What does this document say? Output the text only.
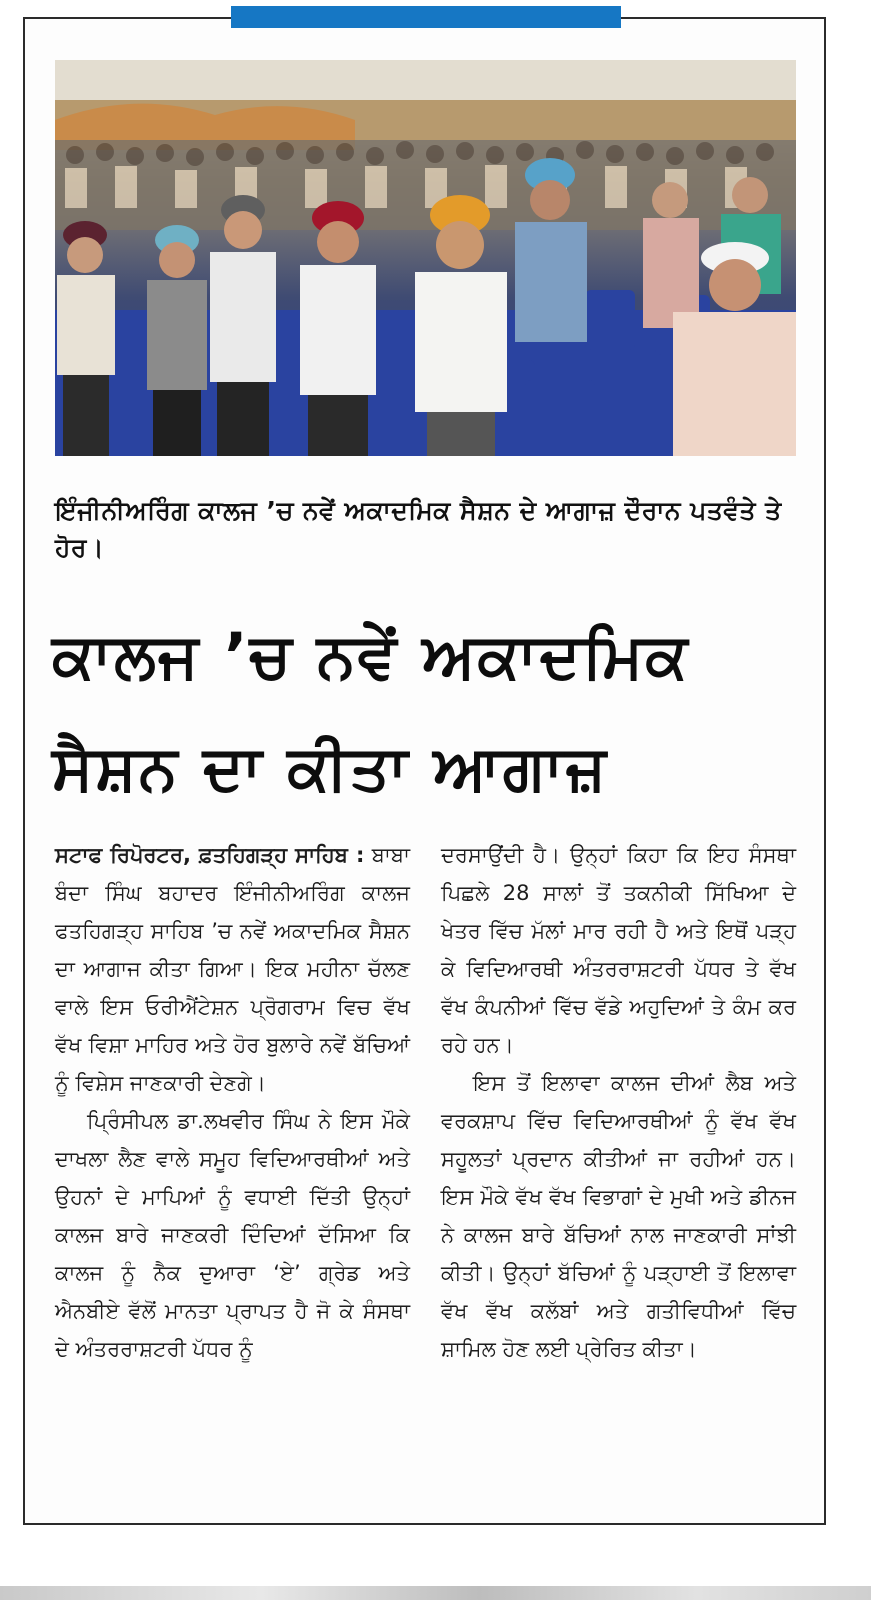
ਇੰਜੀਨੀਅਰਿੰਗ ਕਾਲਜ ’ਚ ਨਵੇਂ ਅਕਾਦਮਿਕ ਸੈਸ਼ਨ ਦੇ ਆਗਾਜ਼ ਦੌਰਾਨ ਪਤਵੰਤੇ ਤੇ ਹੋਰ।
ਕਾਲਜ ’ਚ ਨਵੇਂ ਅਕਾਦਮਿਕ
ਸੈਸ਼ਨ ਦਾ ਕੀਤਾ ਆਗਾਜ਼

ਸਟਾਫ ਰਿਪੋਰਟਰ, ਫ਼ਤਹਿਗੜ੍ਹ ਸਾਹਿਬ : ਬਾਬਾ ਬੰਦਾ ਸਿੰਘ ਬਹਾਦਰ ਇੰਜੀਨੀਅਰਿੰਗ ਕਾਲਜ ਫਤਹਿਗੜ੍ਹ ਸਾਹਿਬ ’ਚ ਨਵੇਂ ਅਕਾਦਮਿਕ ਸੈਸ਼ਨ ਦਾ ਆਗਾਜ ਕੀਤਾ ਗਿਆ। ਇਕ ਮਹੀਨਾ ਚੱਲਣ ਵਾਲੇ ਇਸ ਓਰੀਐਂਟੇਸ਼ਨ ਪ੍ਰੋਗਰਾਮ ਵਿਚ ਵੱਖ ਵੱਖ ਵਿਸ਼ਾ ਮਾਹਿਰ ਅਤੇ ਹੋਰ ਬੁਲਾਰੇ ਨਵੇਂ ਬੱਚਿਆਂ ਨੂੰ ਵਿਸ਼ੇਸ ਜਾਣਕਾਰੀ ਦੇਣਗੇ।

ਪ੍ਰਿੰਸੀਪਲ ਡਾ.ਲਖਵੀਰ ਸਿੰਘ ਨੇ ਇਸ ਮੌਕੇ ਦਾਖਲਾ ਲੈਣ ਵਾਲੇ ਸਮੂਹ ਵਿਦਿਆਰਥੀਆਂ ਅਤੇ ਉਹਨਾਂ ਦੇ ਮਾਪਿਆਂ ਨੂੰ ਵਧਾਈ ਦਿੱਤੀ ਉਨ੍ਹਾਂ ਕਾਲਜ ਬਾਰੇ ਜਾਣਕਰੀ ਦਿੰਦਿਆਂ ਦੱਸਿਆ ਕਿ ਕਾਲਜ ਨੂੰ ਨੈਕ ਦੁਆਰਾ ‘ਏ’ ਗ੍ਰੇਡ ਅਤੇ ਐਨਬੀਏ ਵੱਲੋਂ ਮਾਨਤਾ ਪ੍ਰਾਪਤ ਹੈ ਜੋ ਕੇ ਸੰਸਥਾ ਦੇ ਅੰਤਰਰਾਸ਼ਟਰੀ ਪੱਧਰ ਨੂੰ

ਦਰਸਾਉਂਦੀ ਹੈ। ਉਨ੍ਹਾਂ ਕਿਹਾ ਕਿ ਇਹ ਸੰਸਥਾ ਪਿਛਲੇ 28 ਸਾਲਾਂ ਤੋਂ ਤਕਨੀਕੀ ਸਿੱਖਿਆ ਦੇ ਖੇਤਰ ਵਿੱਚ ਮੱਲਾਂ ਮਾਰ ਰਹੀ ਹੈ ਅਤੇ ਇਥੋਂ ਪੜ੍ਹ ਕੇ ਵਿਦਿਆਰਥੀ ਅੰਤਰਰਾਸ਼ਟਰੀ ਪੱਧਰ ਤੇ ਵੱਖ ਵੱਖ ਕੰਪਨੀਆਂ ਵਿੱਚ ਵੱਡੇ ਅਹੁਦਿਆਂ ਤੇ ਕੰਮ ਕਰ ਰਹੇ ਹਨ।

ਇਸ ਤੋਂ ਇਲਾਵਾ ਕਾਲਜ ਦੀਆਂ ਲੈਬ ਅਤੇ ਵਰਕਸ਼ਾਪ ਵਿੱਚ ਵਿਦਿਆਰਥੀਆਂ ਨੂੰ ਵੱਖ ਵੱਖ ਸਹੂਲਤਾਂ ਪ੍ਰਦਾਨ ਕੀਤੀਆਂ ਜਾ ਰਹੀਆਂ ਹਨ। ਇਸ ਮੌਕੇ ਵੱਖ ਵੱਖ ਵਿਭਾਗਾਂ ਦੇ ਮੁਖੀ ਅਤੇ ਡੀਨਜ ਨੇ ਕਾਲਜ ਬਾਰੇ ਬੱਚਿਆਂ ਨਾਲ ਜਾਣਕਾਰੀ ਸਾਂਝੀ ਕੀਤੀ। ਉਨ੍ਹਾਂ ਬੱਚਿਆਂ ਨੂੰ ਪੜ੍ਹਾਈ ਤੋਂ ਇਲਾਵਾ ਵੱਖ ਵੱਖ ਕਲੱਬਾਂ ਅਤੇ ਗਤੀਵਿਧੀਆਂ ਵਿੱਚ ਸ਼ਾਮਿਲ ਹੋਣ ਲਈ ਪ੍ਰੇਰਿਤ ਕੀਤਾ।
